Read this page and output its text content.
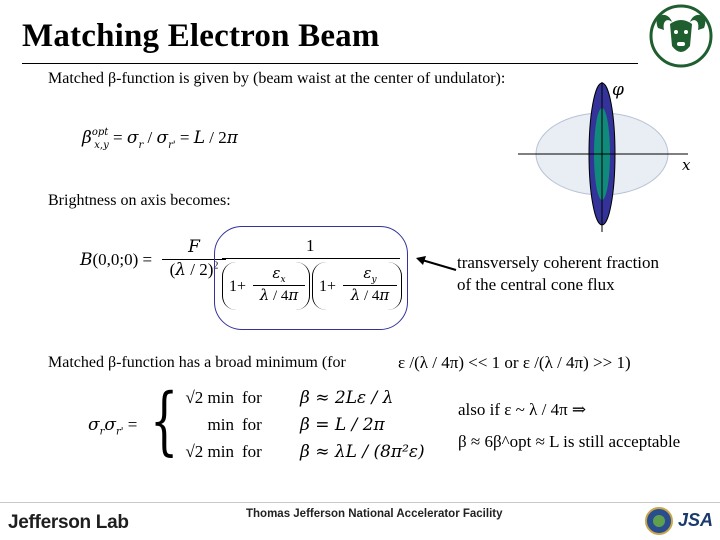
Matching Electron Beam
Matched β-function is given by (beam waist at the center of undulator):
$\beta^{opt}_{x,y} = \sigma_r / \sigma_{r'} = L / 2\pi$
φ
x
Brightness on axis becomes:
B(0,0;0) =
F
(λ / 2)$^2$
1
1+
$\varepsilon_x$
λ / 4π	1+
$\varepsilon_y$
λ / 4π
transversely coherent fraction
of the central cone flux
Matched β-function has a broad minimum (for	ε /(λ / 4π) << 1 or ε /(λ / 4π) >> 1)
$\sigma_r\sigma_{r'}$ = { √2 min	for	β ≈ 2Lε / λ
min	for	β = L / 2π
√2 min	for	β ≈ λL / (8π²ε)
also if ε ~ λ / 4π ⇒
β ≈ 6β^opt ≈ L is still acceptable
Jefferson Lab	Thomas Jefferson National Accelerator Facility	JSA
